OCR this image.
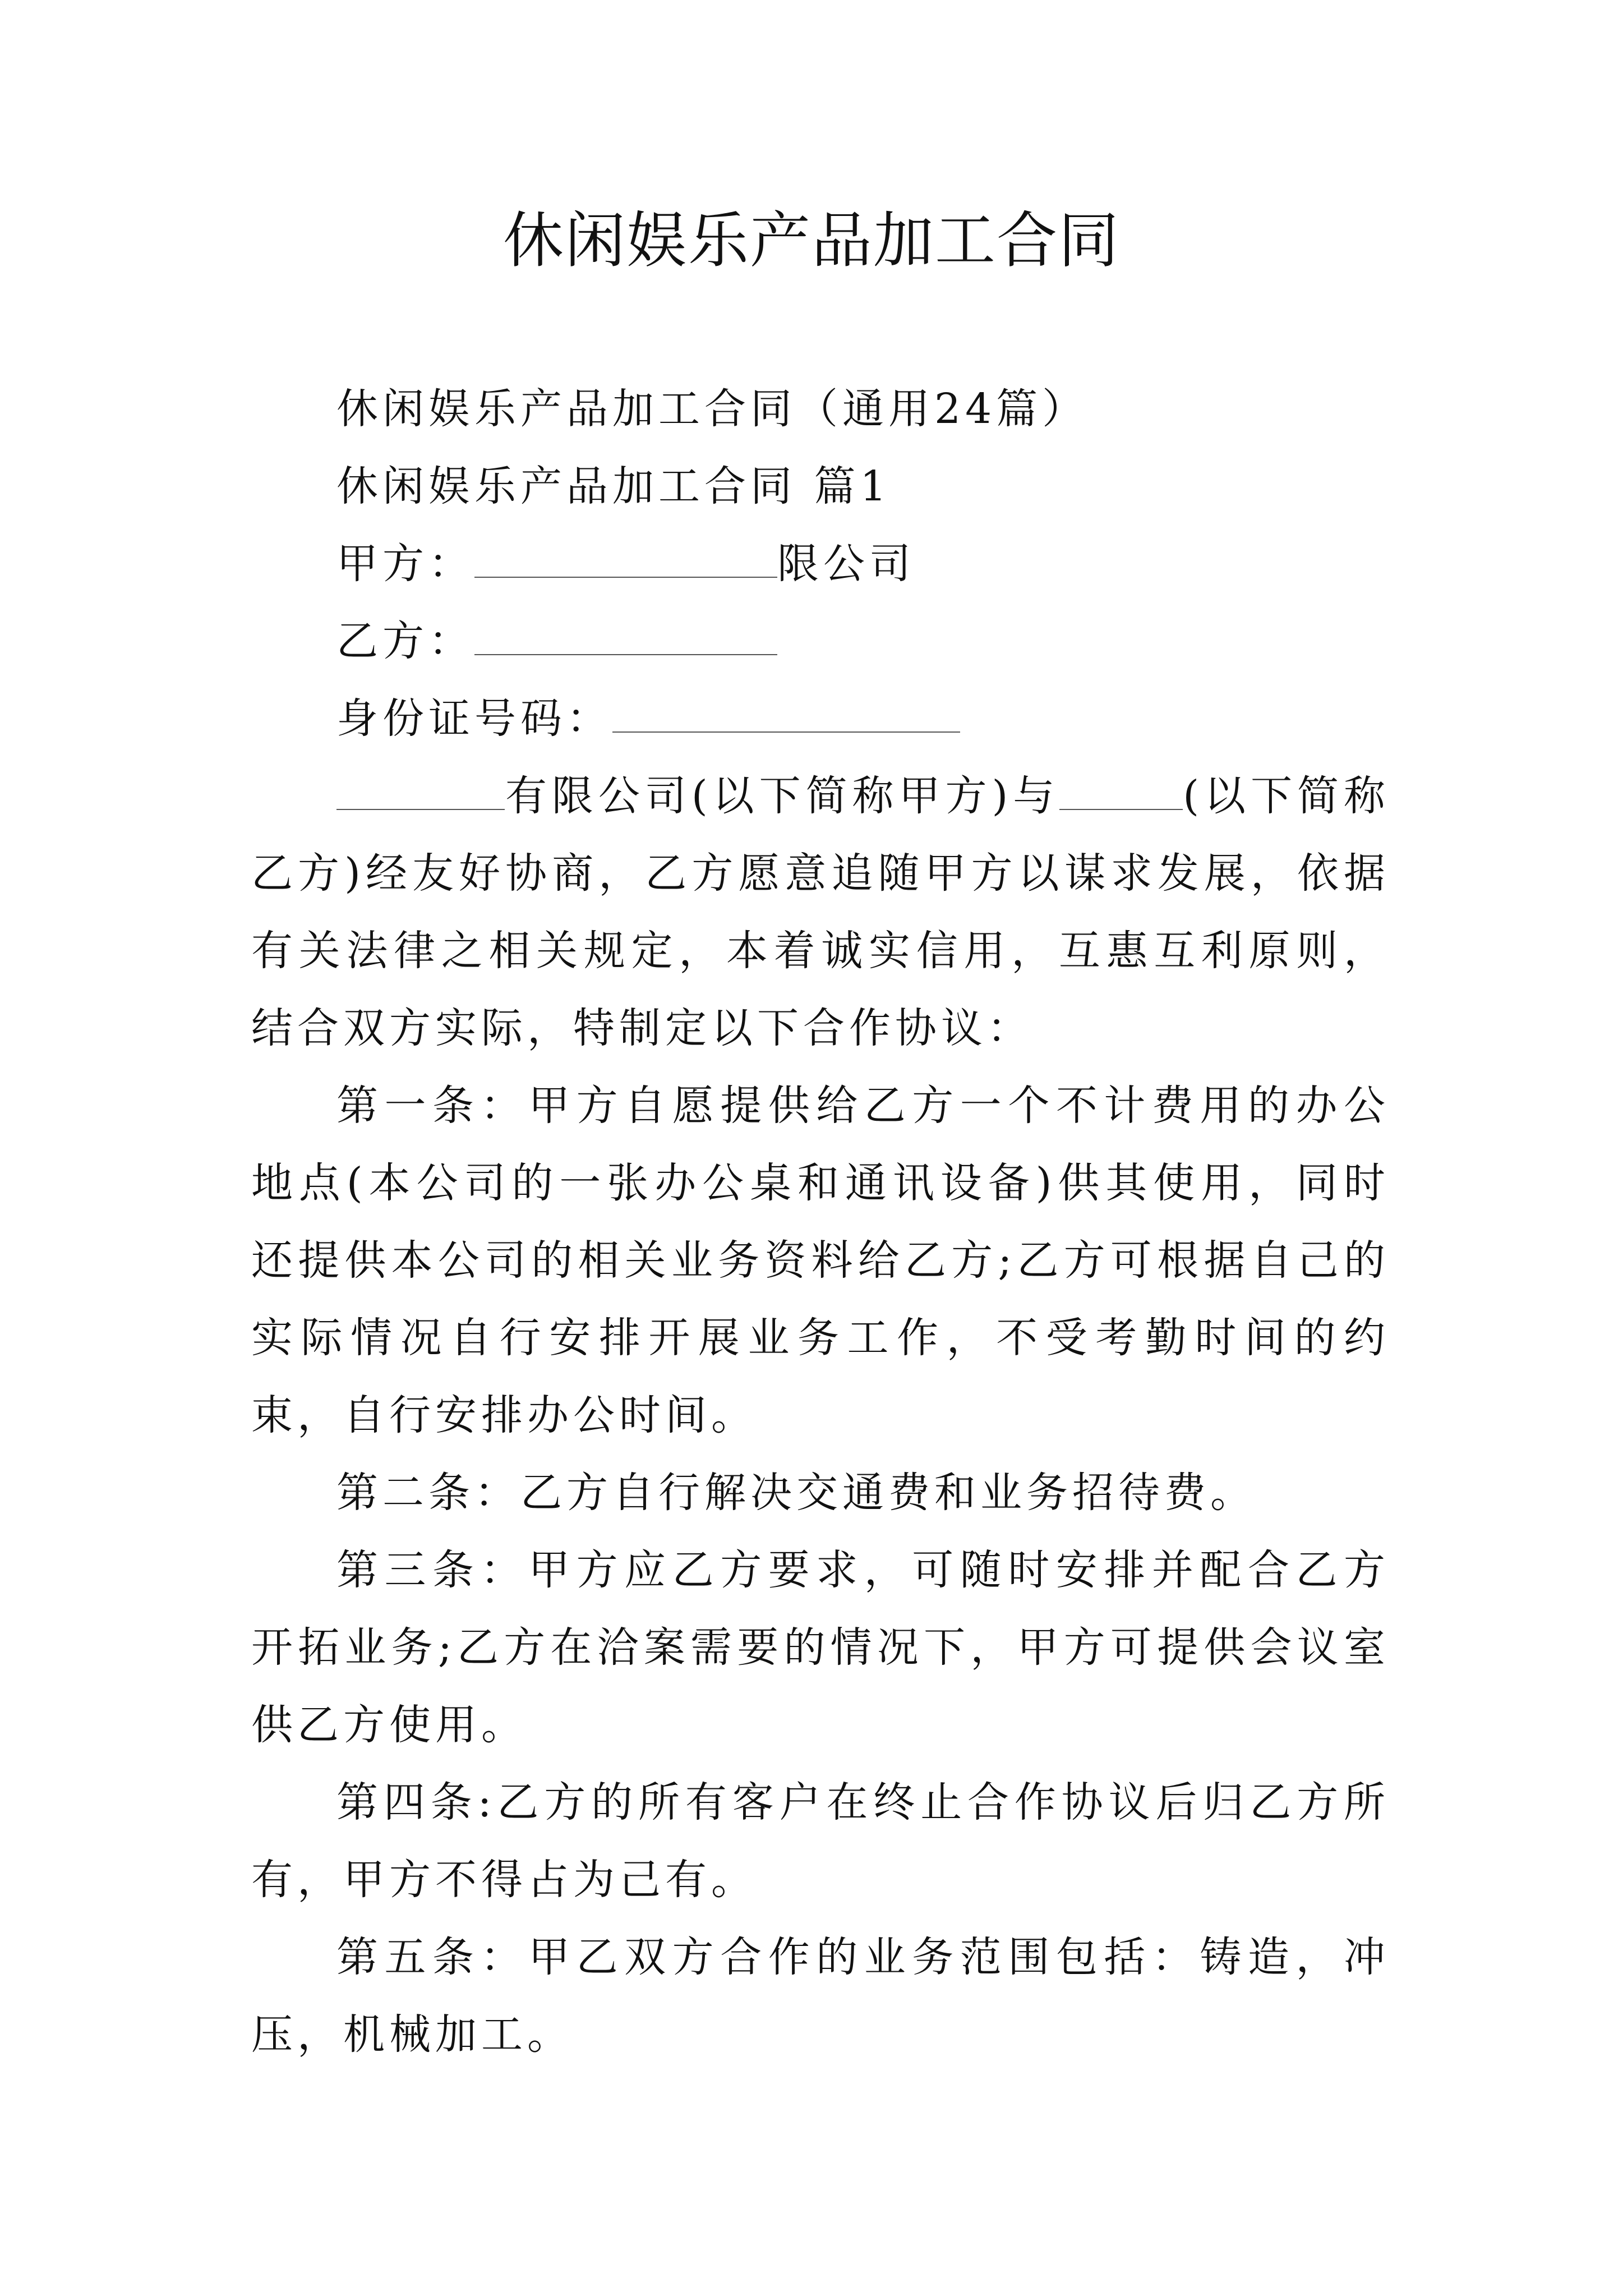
休闲娱乐产品加工合同

休闲娱乐产品加工合同（通用24篇）

休闲娱乐产品加工合同 篇1

甲方：	限公司

乙方：

身份证号码：

有限公司(以下简称甲方)与	(以下简称乙方)经友好协商，乙方愿意追随甲方以谋求发展，依据有关法律之相关规定，本着诚实信用，互惠互利原则，结合双方实际，特制定以下合作协议：

第一条：甲方自愿提供给乙方一个不计费用的办公地点(本公司的一张办公桌和通讯设备)供其使用，同时还提供本公司的相关业务资料给乙方;乙方可根据自己的实际情况自行安排开展业务工作，不受考勤时间的约束，自行安排办公时间。

第二条：乙方自行解决交通费和业务招待费。

第三条：甲方应乙方要求，可随时安排并配合乙方开拓业务;乙方在洽案需要的情况下，甲方可提供会议室供乙方使用。

第四条:乙方的所有客户在终止合作协议后归乙方所有，甲方不得占为己有。

第五条：甲乙双方合作的业务范围包括：铸造，冲压，机械加工。
